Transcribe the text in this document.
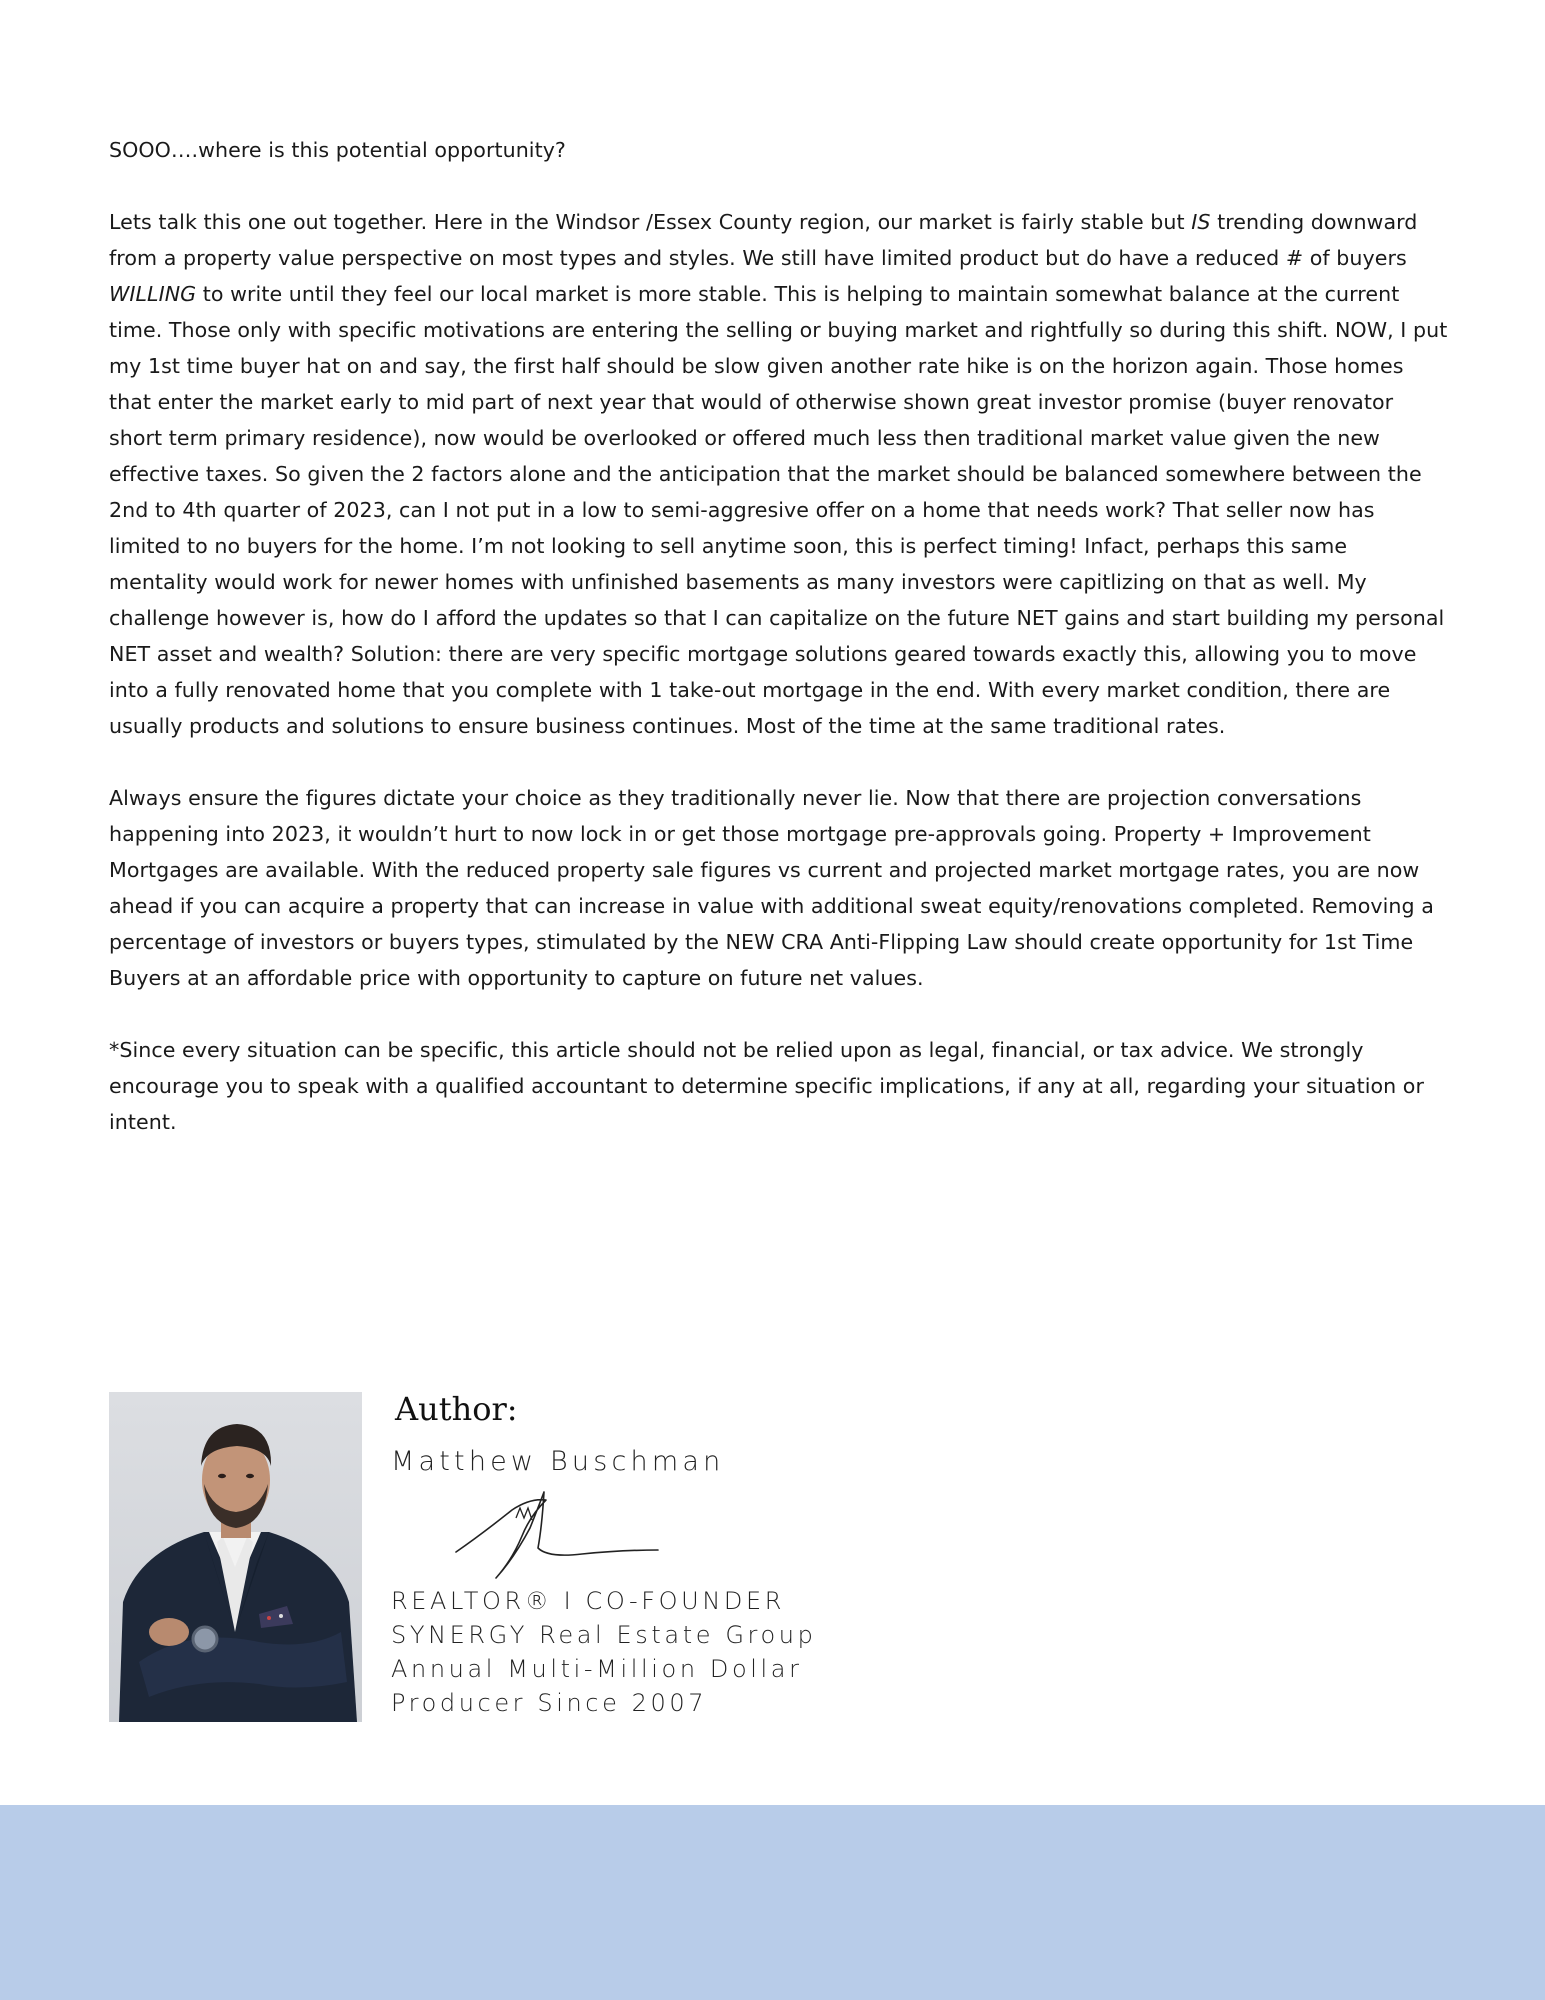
SOOO….where is this potential opportunity?

Lets talk this one out together. Here in the Windsor /Essex County region, our market is fairly stable but IS trending downward from a property value perspective on most types and styles. We still have limited product but do have a reduced # of buyers WILLING to write until they feel our local market is more stable. This is helping to maintain somewhat balance at the current time. Those only with specific motivations are entering the selling or buying market and rightfully so during this shift. NOW, I put my 1st time buyer hat on and say, the first half should be slow given another rate hike is on the horizon again. Those homes that enter the market early to mid part of next year that would of otherwise shown great investor promise (buyer renovator short term primary residence), now would be overlooked or offered much less then traditional market value given the new effective taxes. So given the 2 factors alone and the anticipation that the market should be balanced somewhere between the 2nd to 4th quarter of 2023, can I not put in a low to semi-aggresive offer on a home that needs work? That seller now has limited to no buyers for the home. I’m not looking to sell anytime soon, this is perfect timing! Infact, perhaps this same mentality would work for newer homes with unfinished basements as many investors were capitlizing on that as well. My challenge however is, how do I afford the updates so that I can capitalize on the future NET gains and start building my personal NET asset and wealth? Solution: there are very specific mortgage solutions geared towards exactly this, allowing you to move into a fully renovated home that you complete with 1 take-out mortgage in the end. With every market condition, there are usually products and solutions to ensure business continues. Most of the time at the same traditional rates.

Always ensure the figures dictate your choice as they traditionally never lie. Now that there are projection conversations happening into 2023, it wouldn’t hurt to now lock in or get those mortgage pre-approvals going. Property + Improvement Mortgages are available. With the reduced property sale figures vs current and projected market mortgage rates, you are now ahead if you can acquire a property that can increase in value with additional sweat equity/renovations completed. Removing a percentage of investors or buyers types, stimulated by the NEW CRA Anti-Flipping Law should create opportunity for 1st Time Buyers at an affordable price with opportunity to capture on future net values.

*Since every situation can be specific, this article should not be relied upon as legal, financial, or tax advice. We strongly encourage you to speak with a qualified accountant to determine specific implications, if any at all, regarding your situation or intent.

Author:
Matthew Buschman
REALTOR® I CO-FOUNDER
SYNERGY Real Estate Group
Annual Multi-Million Dollar
Producer Since 2007
